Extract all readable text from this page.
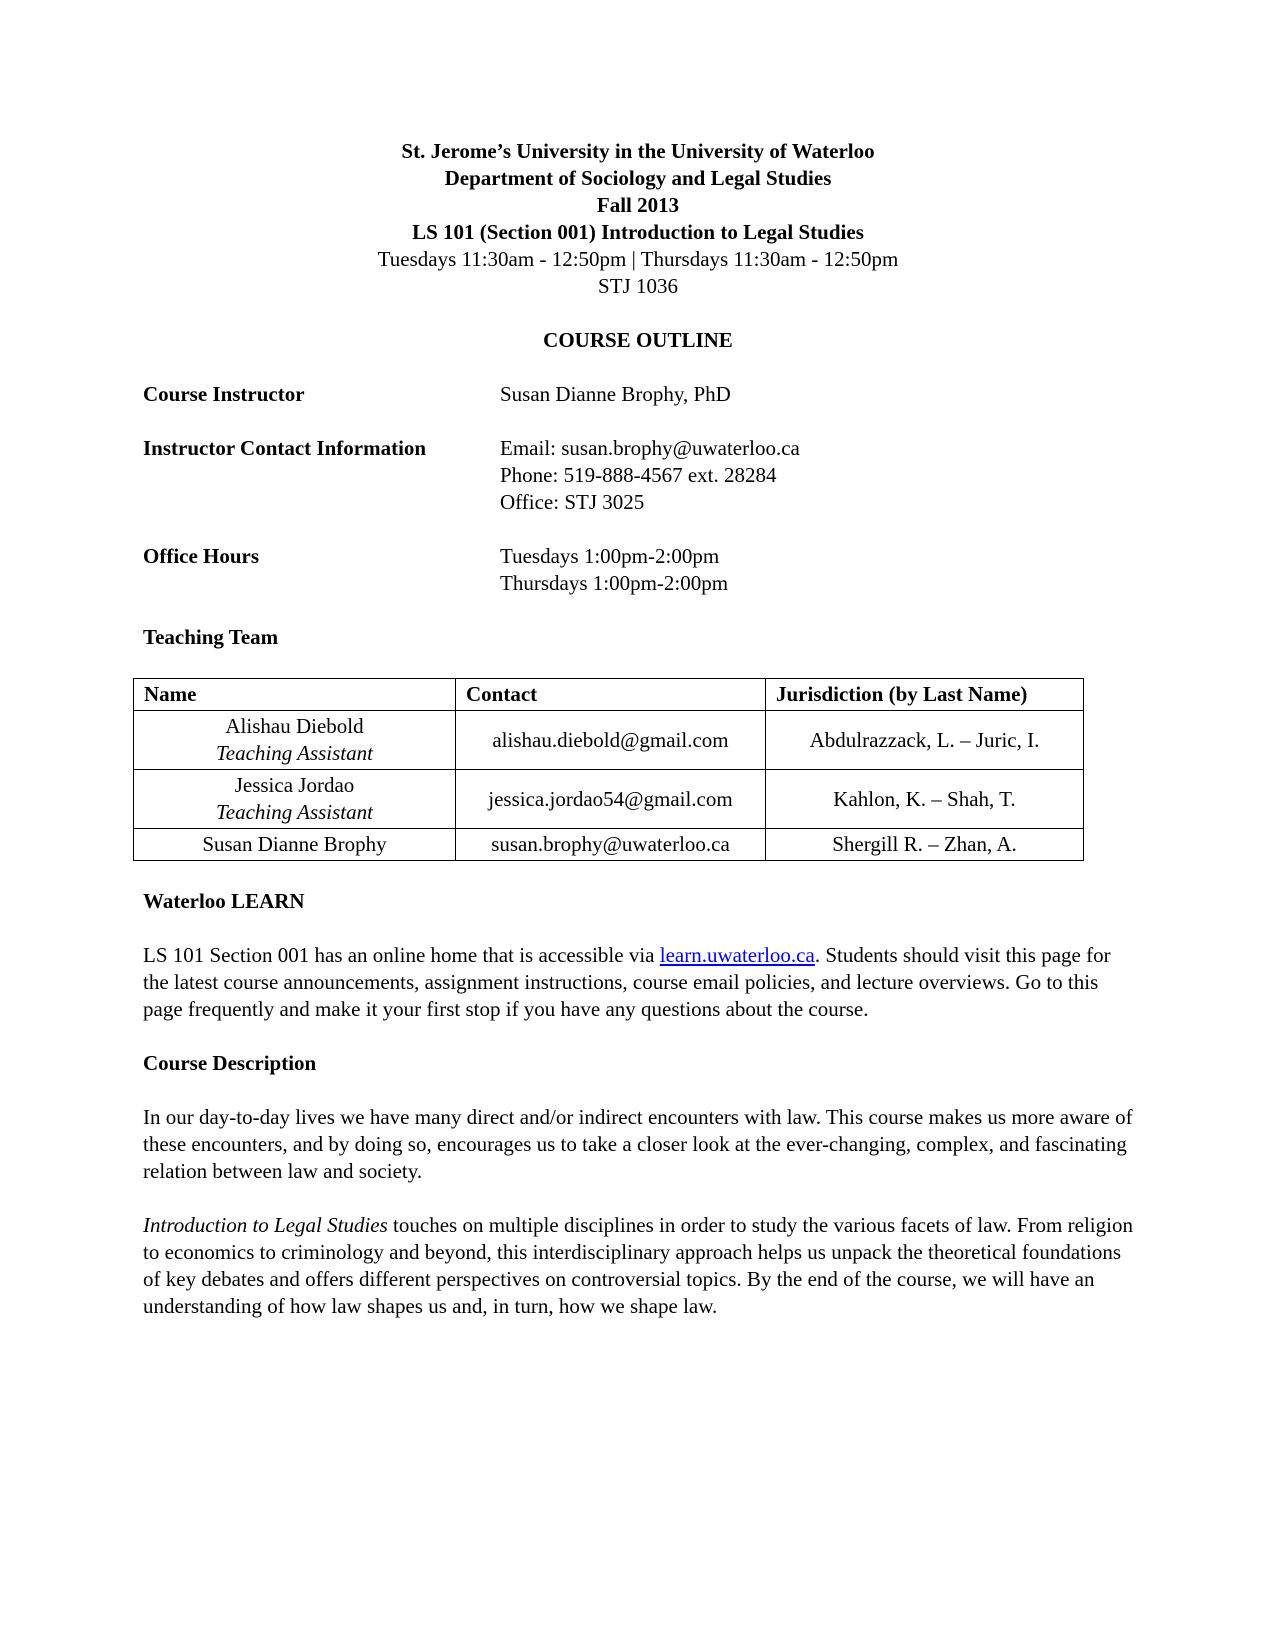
St. Jerome’s University in the University of Waterloo
Department of Sociology and Legal Studies
Fall 2013
LS 101 (Section 001) Introduction to Legal Studies
Tuesdays 11:30am - 12:50pm | Thursdays 11:30am - 12:50pm
STJ 1036
COURSE OUTLINE
Course Instructor	Susan Dianne Brophy, PhD
Instructor Contact Information	Email: susan.brophy@uwaterloo.ca
Phone: 519-888-4567 ext. 28284
Office: STJ 3025
Office Hours	Tuesdays 1:00pm-2:00pm
Thursdays 1:00pm-2:00pm
Teaching Team
Name	Contact	Jurisdiction (by Last Name)

Alishau Diebold
Teaching Assistant	alishau.diebold@gmail.com	Abdulrazzack, L. – Juric, I.

Jessica Jordao
Teaching Assistant	jessica.jordao54@gmail.com	Kahlon, K. – Shah, T.

Susan Dianne Brophy	susan.brophy@uwaterloo.ca	Shergill R. – Zhan, A.
Waterloo LEARN

LS 101 Section 001 has an online home that is accessible via learn.uwaterloo.ca. Students should visit this page for the latest course announcements, assignment instructions, course email policies, and lecture overviews. Go to this page frequently and make it your first stop if you have any questions about the course.

Course Description

In our day-to-day lives we have many direct and/or indirect encounters with law. This course makes us more aware of these encounters, and by doing so, encourages us to take a closer look at the ever-changing, complex, and fascinating relation between law and society.

Introduction to Legal Studies touches on multiple disciplines in order to study the various facets of law. From religion to economics to criminology and beyond, this interdisciplinary approach helps us unpack the theoretical foundations of key debates and offers different perspectives on controversial topics. By the end of the course, we will have an understanding of how law shapes us and, in turn, how we shape law.
